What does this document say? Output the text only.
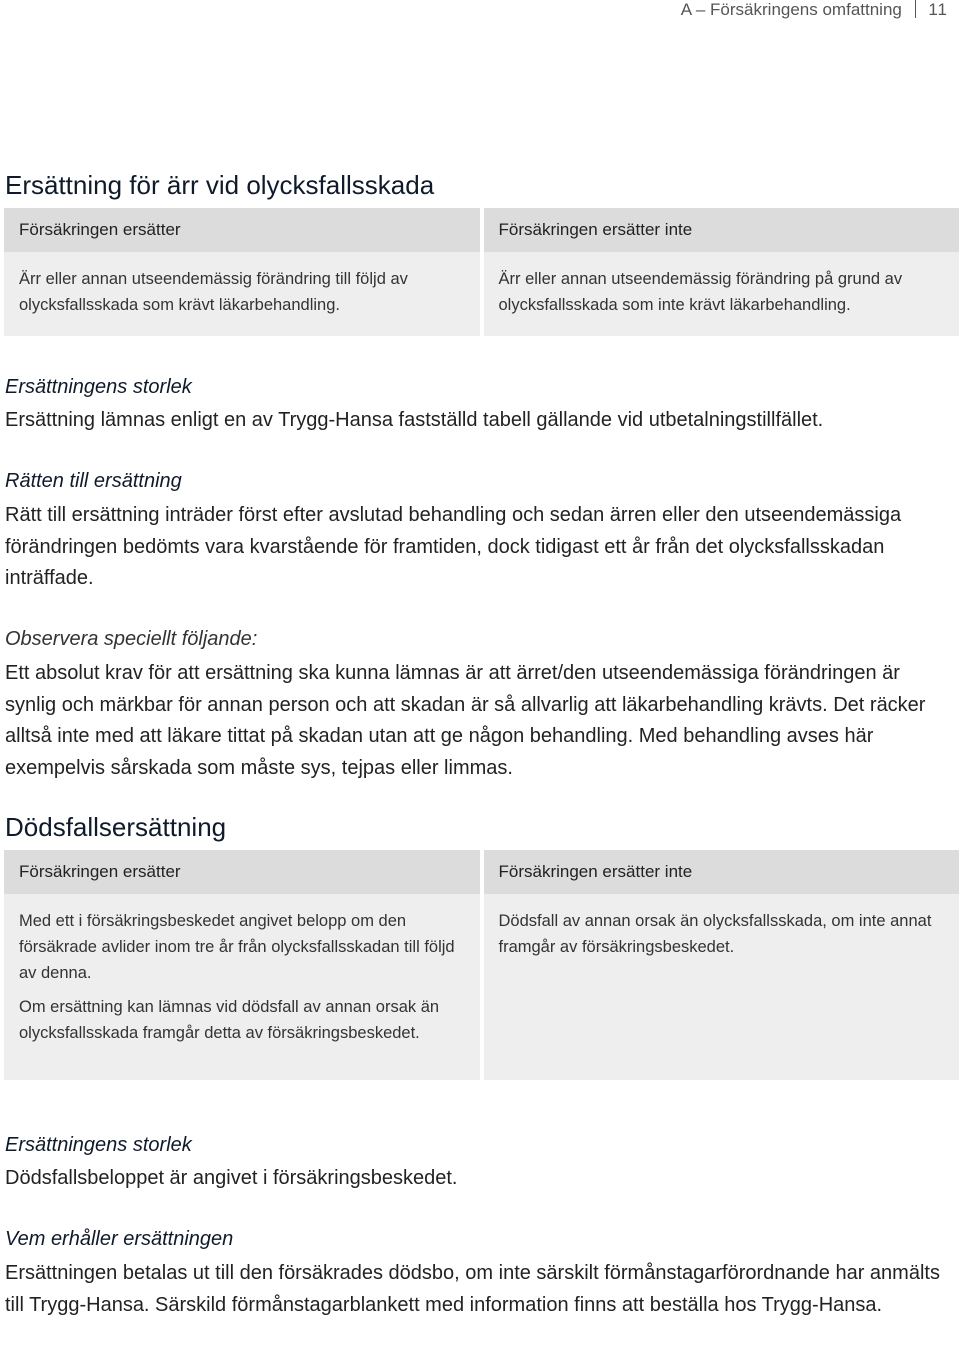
A – Försäkringens omfattning 11
Ersättning för ärr vid olycksfallsskada
Försäkringen ersätter

Ärr eller annan utseendemässig förändring till följd av olycksfallsskada som krävt läkarbehandling.

Försäkringen ersätter inte

Ärr eller annan utseendemässig förändring på grund av olycksfallsskada som inte krävt läkarbehandling.

Ersättningens storlek

Ersättning lämnas enligt en av Trygg-Hansa fastställd tabell gällande vid utbetalningstillfället.

Rätten till ersättning

Rätt till ersättning inträder först efter avslutad behandling och sedan ärren eller den utseendemässiga förändringen bedömts vara kvarstående för framtiden, dock tidigast ett år från det olycksfallsskadan inträffade.

Observera speciellt följande:

Ett absolut krav för att ersättning ska kunna lämnas är att ärret/den utseendemässiga förändringen är synlig och märkbar för annan person och att skadan är så allvarlig att läkarbehandling krävts. Det räcker alltså inte med att läkare tittat på skadan utan att ge någon behandling. Med behandling avses här exempelvis sårskada som måste sys, tejpas eller limmas.

Dödsfallsersättning
Försäkringen ersätter

Med ett i försäkringsbeskedet angivet belopp om den försäkrade avlider inom tre år från olycksfallsskadan till följd av denna.

Om ersättning kan lämnas vid dödsfall av annan orsak än olycksfallsskada framgår detta av försäkringsbeskedet.

Försäkringen ersätter inte

Dödsfall av annan orsak än olycksfallsskada, om inte annat framgår av försäkringsbeskedet.

Ersättningens storlek

Dödsfallsbeloppet är angivet i försäkringsbeskedet.

Vem erhåller ersättningen

Ersättningen betalas ut till den försäkrades dödsbo, om inte särskilt förmånstagarförordnande har anmälts till Trygg-Hansa. Särskild förmånstagarblankett med information finns att beställa hos Trygg-Hansa.
